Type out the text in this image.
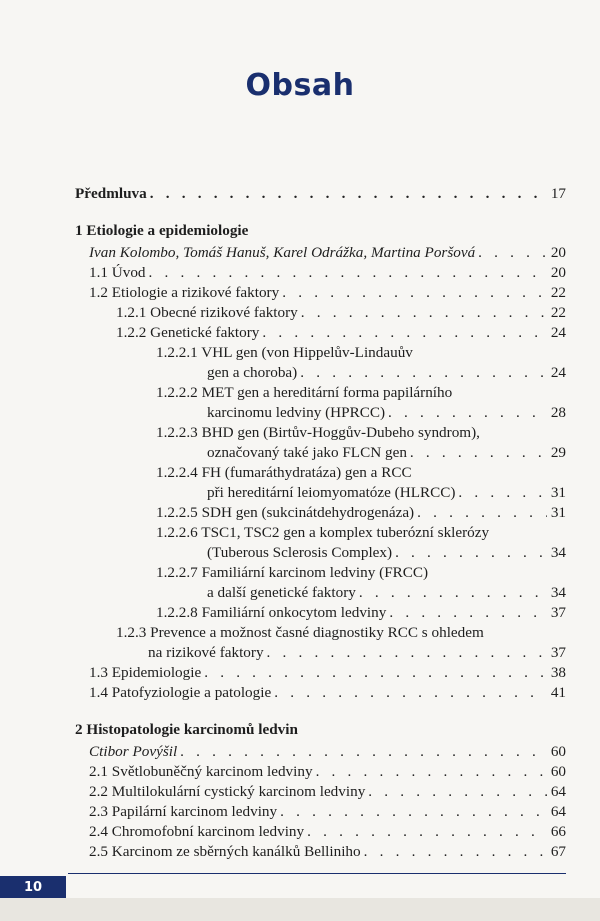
Obsah
Předmluva . . .	17
1 Etiologie a epidemiologie
Ivan Kolombo, Tomáš Hanuš, Karel Odrážka, Martina Poršová . . .	20
1.1 Úvod . . .	20
1.2 Etiologie a rizikové faktory . . .	22
1.2.1 Obecné rizikové faktory . . .	22
1.2.2 Genetické faktory . . .	24
1.2.2.1 VHL gen (von Hippelův-Lindauův
gen a choroba) . . .	24
1.2.2.2 MET gen a hereditární forma papilárního
karcinomu ledviny (HPRCC) . . .	28
1.2.2.3 BHD gen (Birtův-Hoggův-Dubeho syndrom),
označovaný také jako FLCN gen . . .	29
1.2.2.4 FH (fumaráthydratáza) gen a RCC
při hereditární leiomyomatóze (HLRCC) . . .	31
1.2.2.5 SDH gen (sukcinátdehydrogenáza) . . .	31
1.2.2.6 TSC1, TSC2 gen a komplex tuberózní sklerózy
(Tuberous Sclerosis Complex) . . .	34
1.2.2.7 Familiární karcinom ledviny (FRCC)
a další genetické faktory . . .	34
1.2.2.8 Familiární onkocytom ledviny . . .	37
1.2.3 Prevence a možnost časné diagnostiky RCC s ohledem
na rizikové faktory . . .	37
1.3 Epidemiologie . . .	38
1.4 Patofyziologie a patologie . . .	41
2 Histopatologie karcinomů ledvin
Ctibor Povýšil . . .	60
2.1 Světlobuněčný karcinom ledviny . . .	60
2.2 Multilokulární cystický karcinom ledviny . . .	64
2.3 Papilární karcinom ledviny . . .	64
2.4 Chromofobní karcinom ledviny . . .	66
2.5 Karcinom ze sběrných kanálků Belliniho . . .	67
10
